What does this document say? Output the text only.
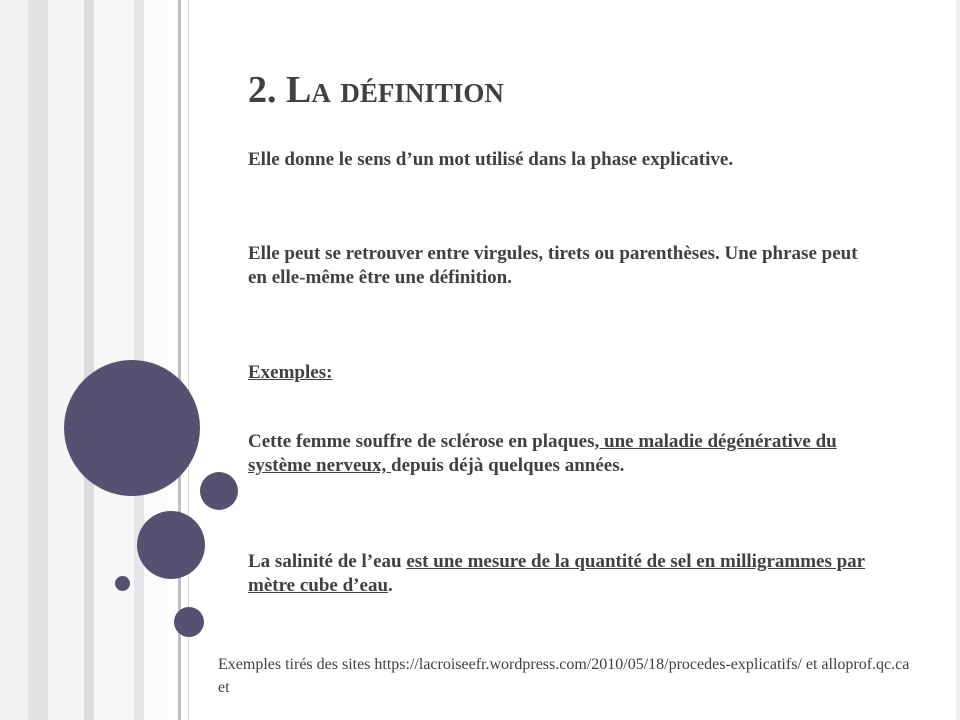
2. La définition
Elle donne le sens d’un mot utilisé dans la phase explicative.
Elle peut se retrouver entre virgules, tirets ou parenthèses. Une phrase peut en elle-même être une définition.
Exemples:
Cette femme souffre de sclérose en plaques, une maladie dégénérative du système nerveux, depuis déjà quelques années.
La salinité de l’eau est une mesure de la quantité de sel en milligrammes par mètre cube d’eau.
Exemples tirés des sites https://lacroiseefr.wordpress.com/2010/05/18/procedes-explicatifs/ et alloprof.qc.ca et
